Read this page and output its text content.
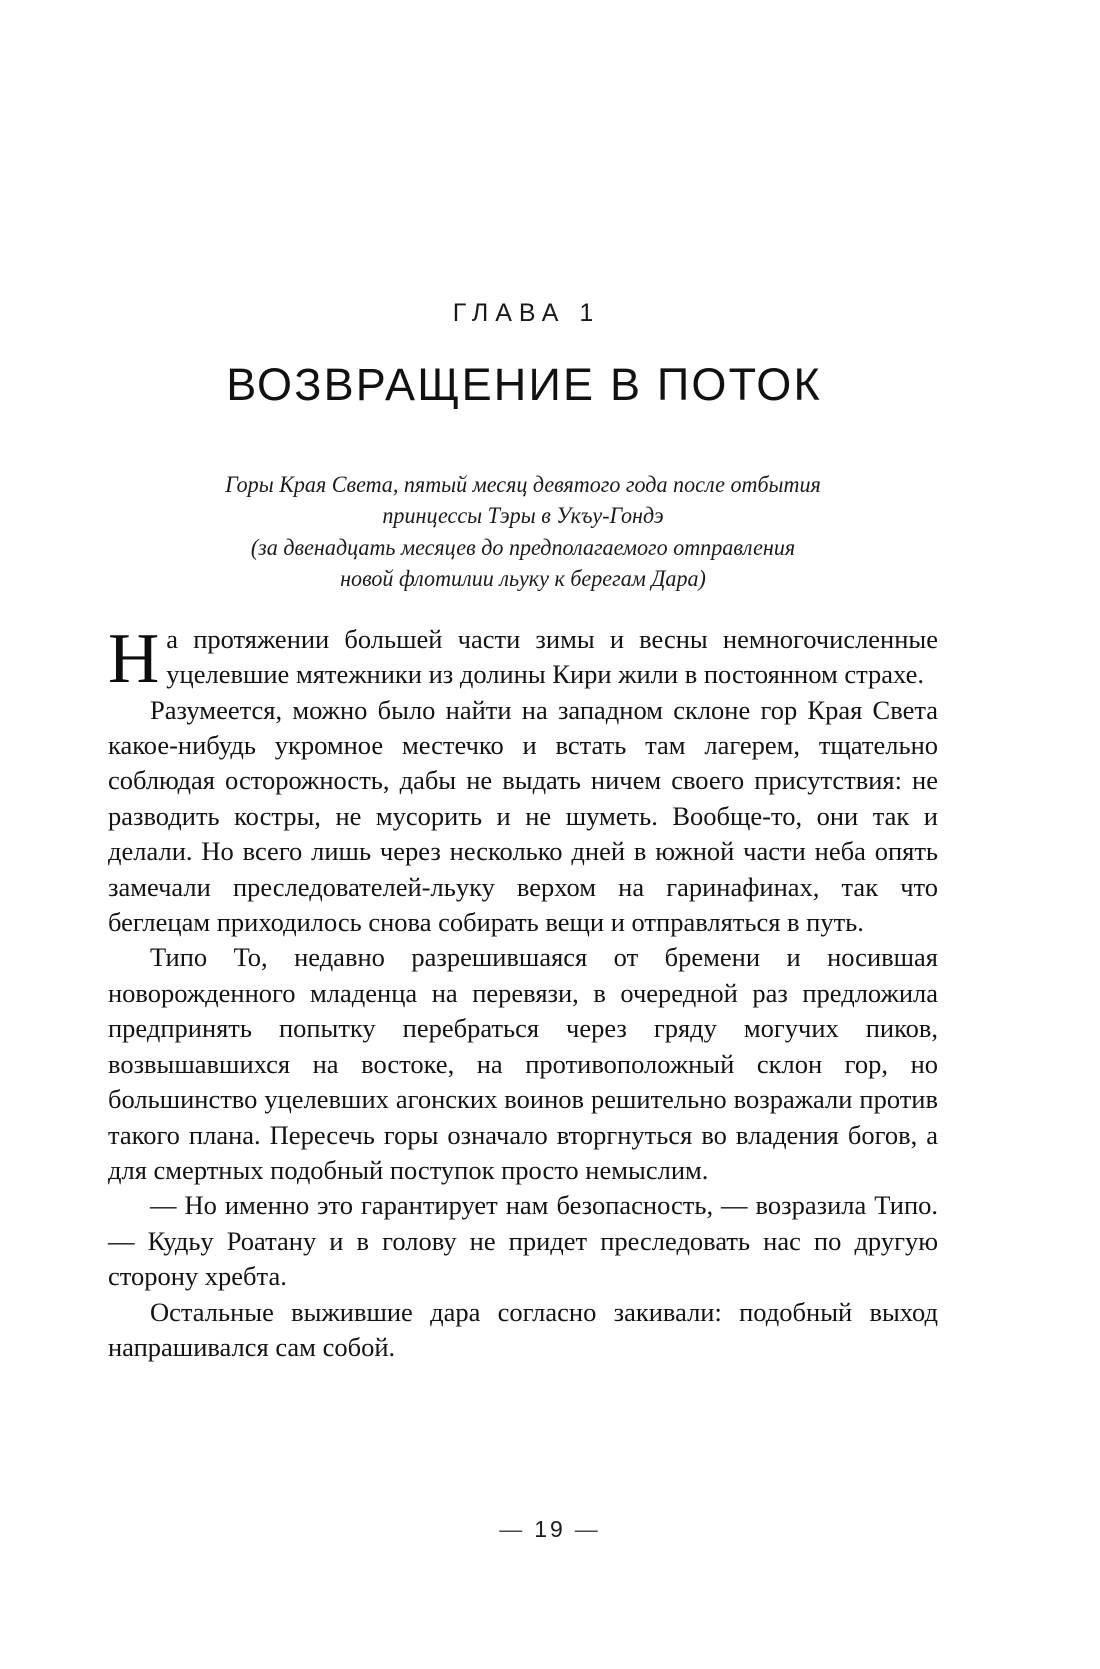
ГЛАВА 1
ВОЗВРАЩЕНИЕ В ПОТОК
Горы Края Света, пятый месяц девятого года после отбытия
принцессы Тэры в Укъу-Гондэ
(за двенадцать месяцев до предполагаемого отправления
новой флотилии льуку к берегам Дара)

На протяжении большей части зимы и весны немногочисленные уцелевшие мятежники из долины Кири жили в постоянном страхе.

Разумеется, можно было найти на западном склоне гор Края Света какое-нибудь укромное местечко и встать там лагерем, тщательно соблюдая осторожность, дабы не выдать ничем своего присутствия: не разводить костры, не мусорить и не шуметь. Вообще-то, они так и делали. Но всего лишь через несколько дней в южной части неба опять замечали преследователей-льуку верхом на гаринафинах, так что беглецам приходилось снова собирать вещи и отправляться в путь.

Типо То, недавно разрешившаяся от бремени и носившая новорожденного младенца на перевязи, в очередной раз предложила предпринять попытку перебраться через гряду могучих пиков, возвышавшихся на востоке, на противоположный склон гор, но большинство уцелевших агонских воинов решительно возражали против такого плана. Пересечь горы означало вторгнуться во владения богов, а для смертных подобный поступок просто немыслим.

— Но именно это гарантирует нам безопасность, — возразила Типо. — Кудьу Роатану и в голову не придет преследовать нас по другую сторону хребта.

Остальные выжившие дара согласно закивали: подобный выход напрашивался сам собой.

— 19 —
